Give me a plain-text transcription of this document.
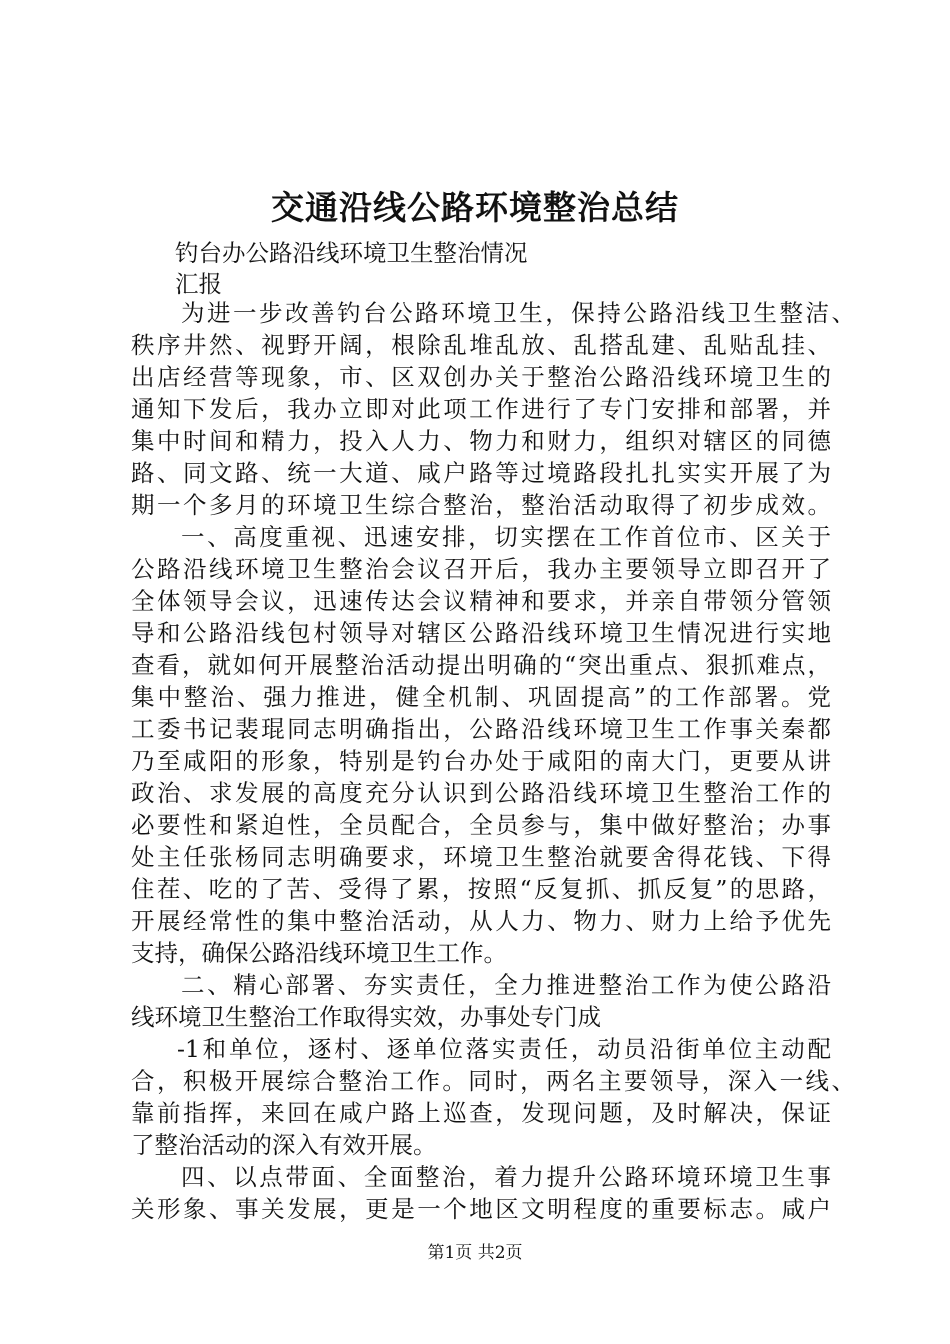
交通沿线公路环境整治总结
钓台办公路沿线环境卫生整治情况
汇报
为进一步改善钓台公路环境卫生，保持公路沿线卫生整洁、
秩序井然、视野开阔，根除乱堆乱放、乱搭乱建、乱贴乱挂、
出店经营等现象，市、区双创办关于整治公路沿线环境卫生的
通知下发后，我办立即对此项工作进行了专门安排和部署，并
集中时间和精力，投入人力、物力和财力，组织对辖区的同德
路、同文路、统一大道、咸户路等过境路段扎扎实实开展了为
期一个多月的环境卫生综合整治，整治活动取得了初步成效。
一、高度重视、迅速安排，切实摆在工作首位市、区关于
公路沿线环境卫生整治会议召开后，我办主要领导立即召开了
全体领导会议，迅速传达会议精神和要求，并亲自带领分管领
导和公路沿线包村领导对辖区公路沿线环境卫生情况进行实地
查看，就如何开展整治活动提出明确的“突出重点、狠抓难点，
集中整治、强力推进，健全机制、巩固提高”的工作部署。党
工委书记裴琨同志明确指出，公路沿线环境卫生工作事关秦都
乃至咸阳的形象，特别是钓台办处于咸阳的南大门，更要从讲
政治、求发展的高度充分认识到公路沿线环境卫生整治工作的
必要性和紧迫性，全员配合，全员参与，集中做好整治；办事
处主任张杨同志明确要求，环境卫生整治就要舍得花钱、下得
住茬、吃的了苦、受得了累，按照“反复抓、抓反复”的思路，
开展经常性的集中整治活动，从人力、物力、财力上给予优先
支持，确保公路沿线环境卫生工作。
二、精心部署、夯实责任，全力推进整治工作为使公路沿
线环境卫生整治工作取得实效，办事处专门成
-1和单位，逐村、逐单位落实责任，动员沿街单位主动配
合，积极开展综合整治工作。同时，两名主要领导，深入一线、
靠前指挥，来回在咸户路上巡查，发现问题，及时解决，保证
了整治活动的深入有效开展。
四、以点带面、全面整治，着力提升公路环境环境卫生事
关形象、事关发展，更是一个地区文明程度的重要标志。咸户
第1页 共2页
